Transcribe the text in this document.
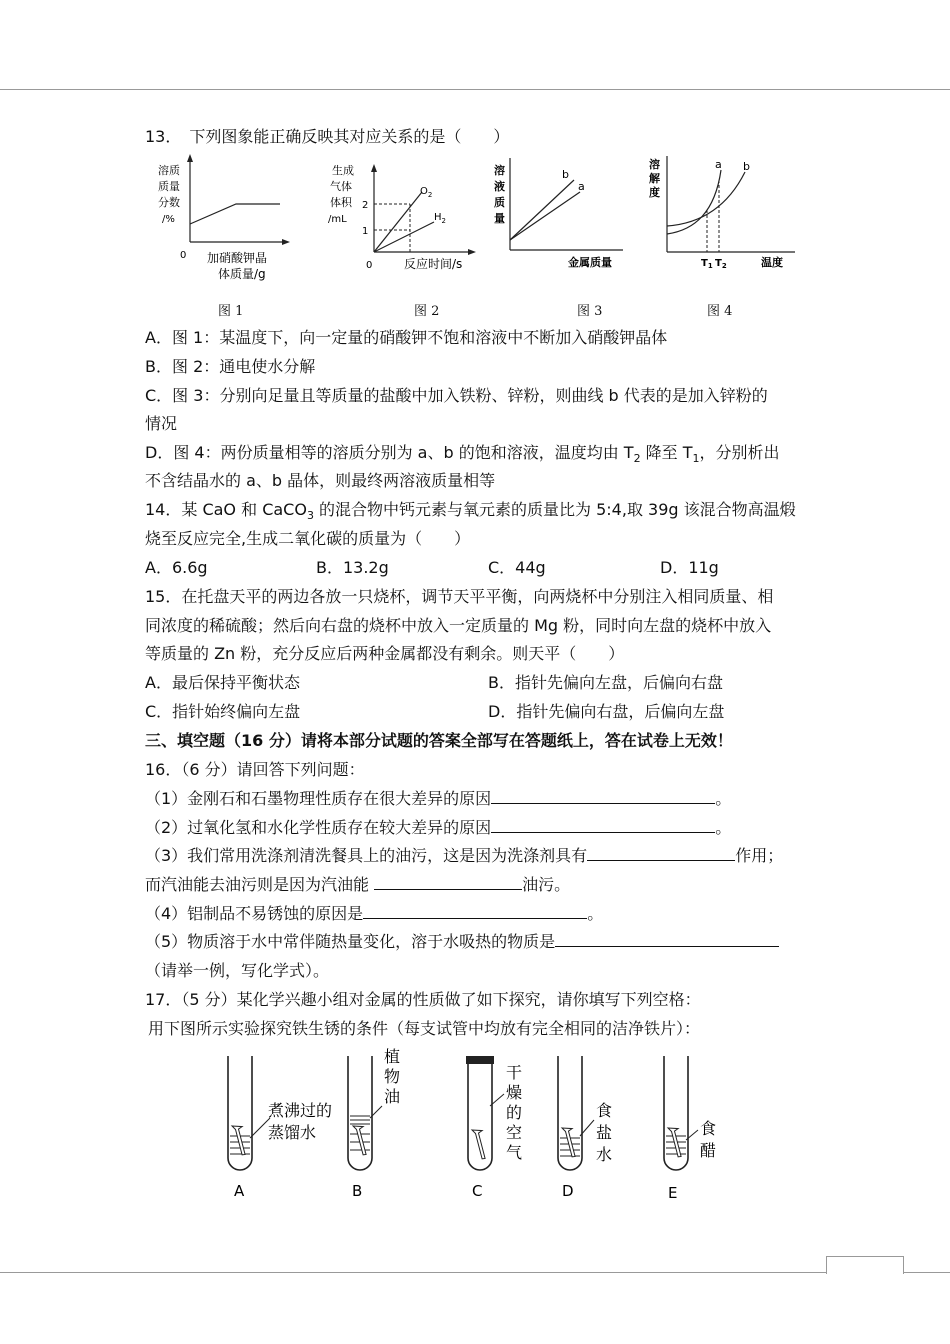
13．　下列图象能正确反映其对应关系的是（　　）
溶质
质量
分数
/%
0 加硝酸钾晶
体质量/g
图 1
生成
气体
体积
/mL
2
1
$O_2$
$H_2$
0	反应时间/s
图 2
溶
液
质
量
b
a
金属质量
图 3
溶
解
度
a b
$T_1$ $T_2$	温度
图 4
A．图 1：某温度下，向一定量的硝酸钾不饱和溶液中不断加入硝酸钾晶体
B．图 2：通电使水分解
C．图 3：分别向足量且等质量的盐酸中加入铁粉、锌粉，则曲线 b 代表的是加入锌粉的
情况
D．图 4：两份质量相等的溶质分别为 a、b 的饱和溶液，温度均由 $T_2$ 降至 $T_1$，分别析出
不含结晶水的 a、b 晶体，则最终两溶液质量相等
14．某 CaO 和 CaCO$_3$ 的混合物中钙元素与氧元素的质量比为 5:4,取 39g 该混合物高温煅
烧至反应完全,生成二氧化碳的质量为（　　）
A．6.6g	B．13.2g	C．44g	D．11g
15．在托盘天平的两边各放一只烧杯，调节天平平衡，向两烧杯中分别注入相同质量、相
同浓度的稀硫酸；然后向右盘的烧杯中放入一定质量的 Mg 粉，同时向左盘的烧杯中放入
等质量的 Zn 粉，充分反应后两种金属都没有剩余。则天平（　　）
A．最后保持平衡状态	B．指针先偏向左盘，后偏向右盘
C．指针始终偏向左盘	D．指针先偏向右盘，后偏向左盘
三、填空题（16 分）请将本部分试题的答案全部写在答题纸上，答在试卷上无效！
16．（6 分）请回答下列问题：
（1）金刚石和石墨物理性质存在很大差异的原因	。
（2）过氧化氢和水化学性质存在较大差异的原因	。
（3）我们常用洗涤剂清洗餐具上的油污，这是因为洗涤剂具有	作用；
而汽油能去油污则是因为汽油能	油污。
（4）铝制品不易锈蚀的原因是	。
（5）物质溶于水中常伴随热量变化，溶于水吸热的物质是
（请举一例，写化学式）。
17．（5 分）某化学兴趣小组对金属的性质做了如下探究，请你填写下列空格：
用下图所示实验探究铁生锈的条件（每支试管中均放有完全相同的洁净铁片）：
煮沸过的
蒸馏水
A
植
物
油
B
干
燥
的
空
气
C
食
盐
水
D
食
醋
E
